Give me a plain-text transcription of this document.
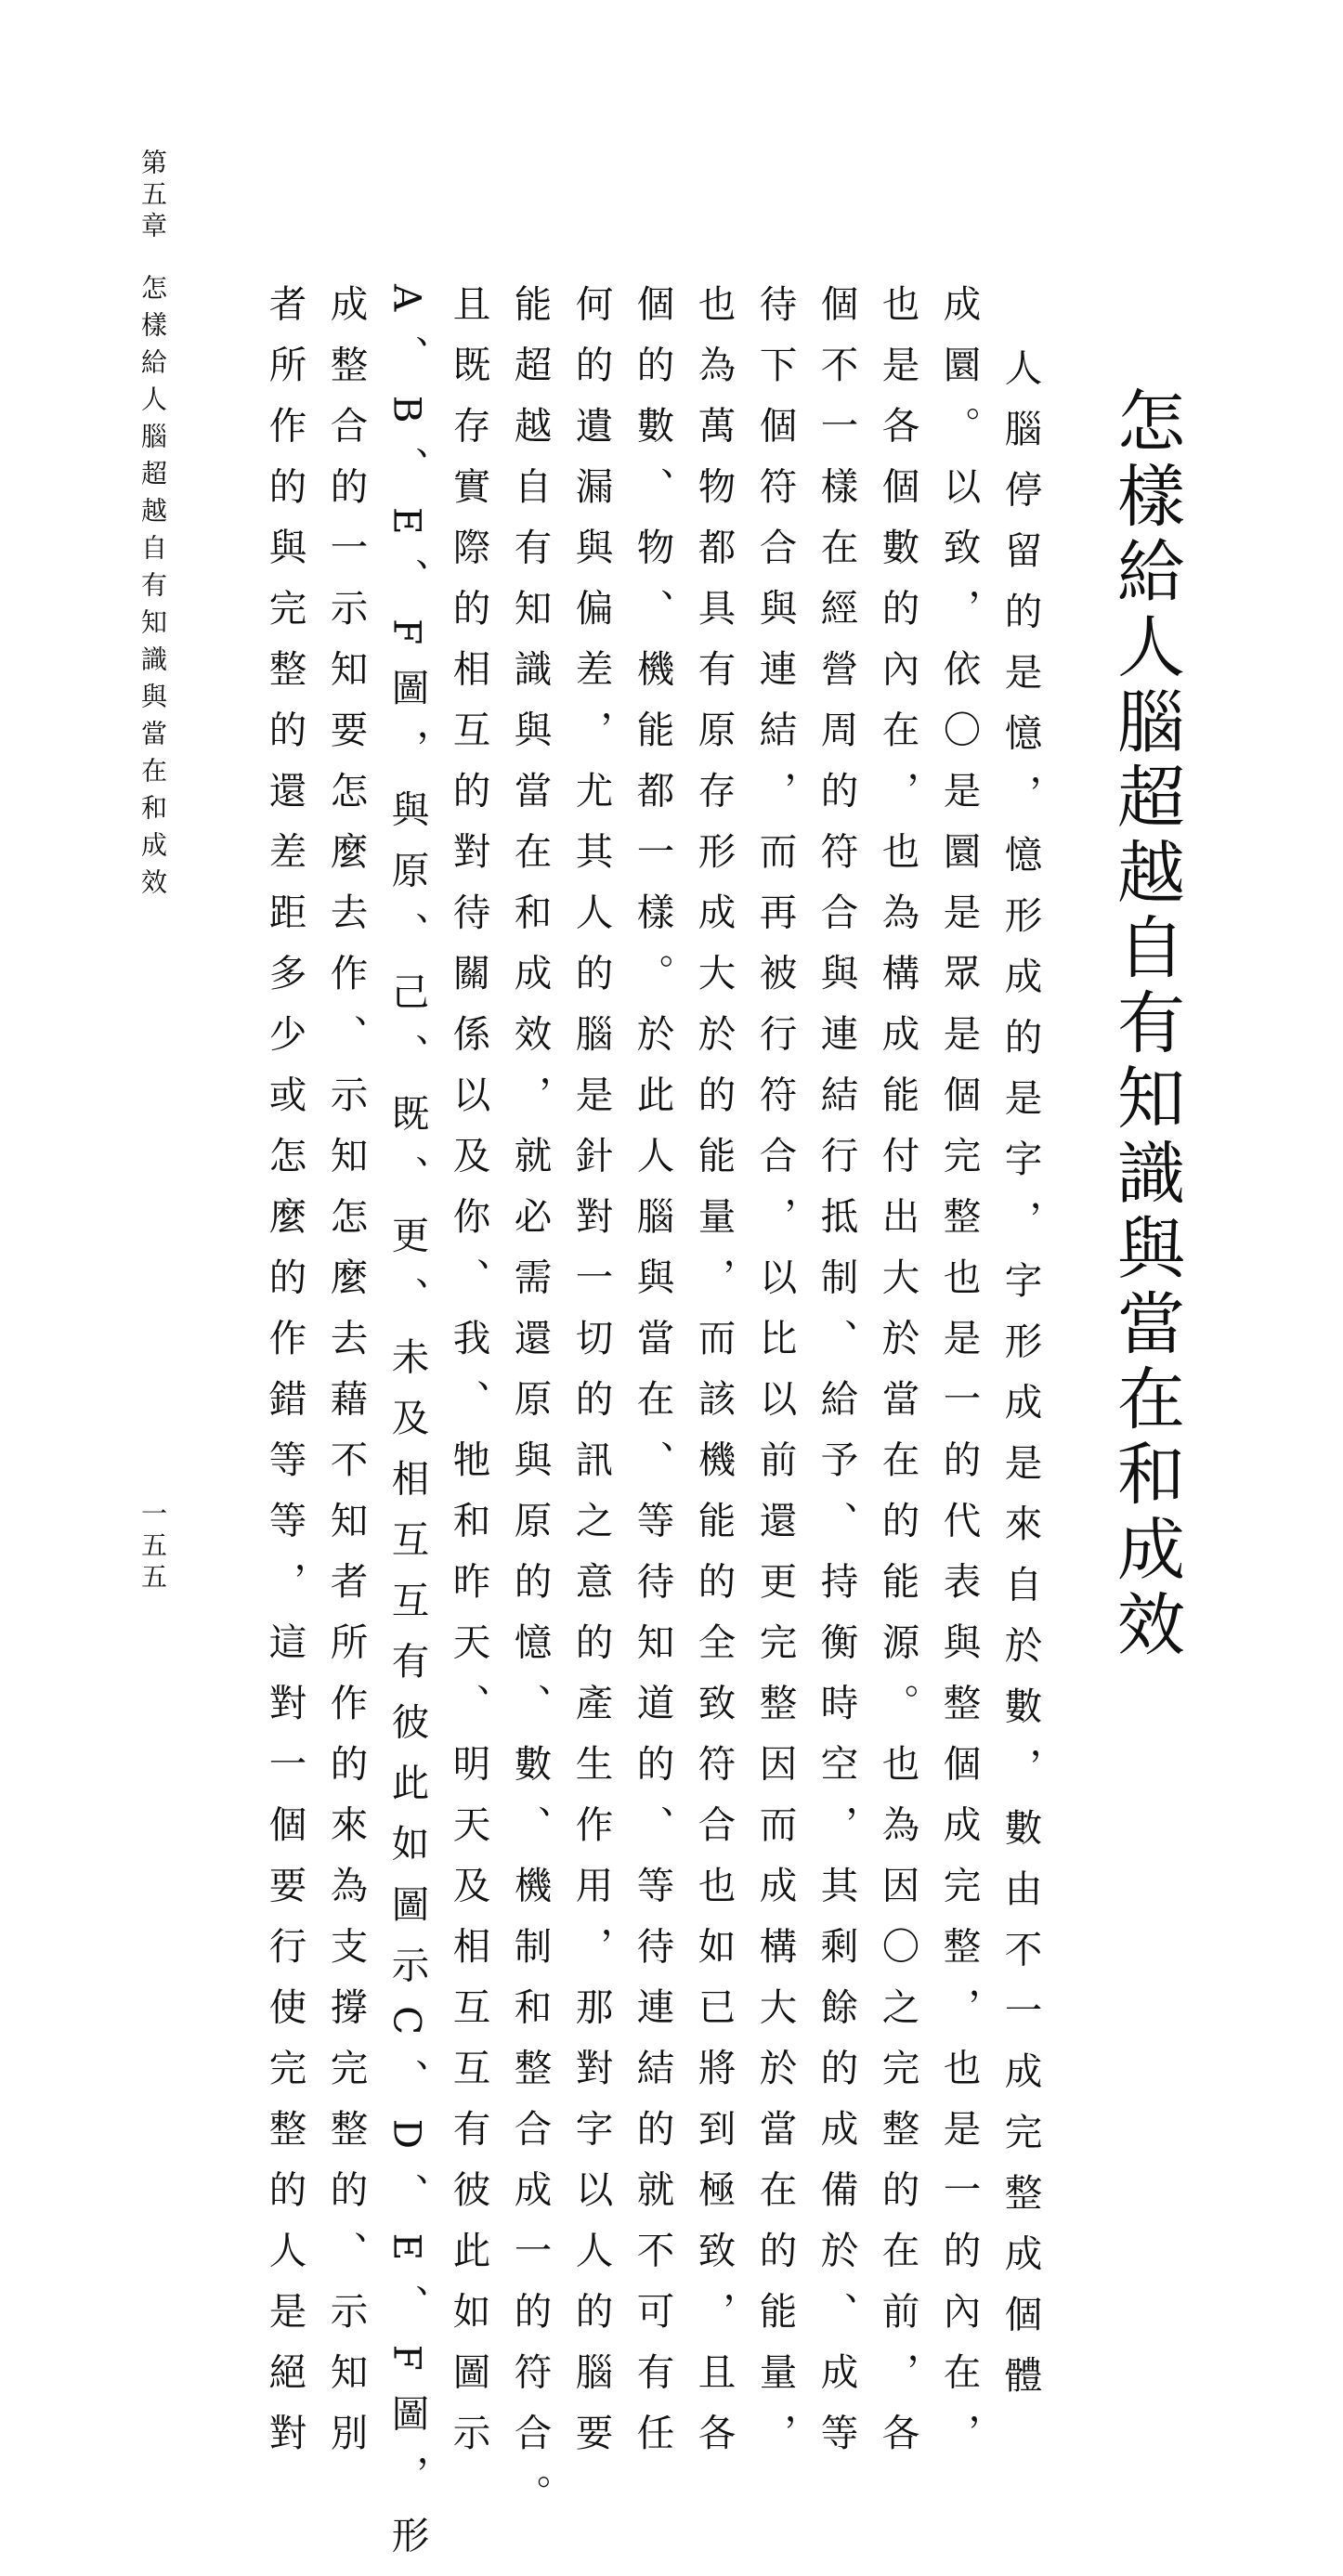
怎樣給人腦超越自有知識與當在和成效
人腦停留的是憶，憶形成的是字，字形成是來自於數，數由不一成完整成個體
成圜。以致，依〇是圜是眾是個完整也是一的代表與整個成完整，也是一的內在，
也是各個數的內在，也為構成能付出大於當在的能源。也為因〇之完整的在前，各
個不一樣在經營周的符合與連結行抵制、給予、持衡時空，其剩餘的成備於、成等
待下個符合與連結，而再被行符合，以比以前還更完整因而成構大於當在的能量，
也為萬物都具有原存形成大於的能量，而該機能的全致符合也如已將到極致，且各
個的數、物、機能都一樣。於此人腦與當在、等待知道的、等待連結的就不可有任
何的遺漏與偏差，尤其人的腦是針對一切的訊之意的產生作用，那對字以人的腦要
能超越自有知識與當在和成效，就必需還原與原的憶、數、機制和整合成一的符合。
且既存實際的相互的對待關係以及你、我、牠和昨天、明天及相互互有彼此如圖示
A、B、E、F圖，與原、己、既、更、未及相互互有彼此如圖示C、D、E、F圖，形
成整合的一示知要怎麼去作、示知怎麼去藉不知者所作的來為支撐完整的、示知別
者所作的與完整的還差距多少或怎麼的作錯等等，這對一個要行使完整的人是絕對
第五章
怎樣給人腦超越自有知識與當在和成效
一五五
